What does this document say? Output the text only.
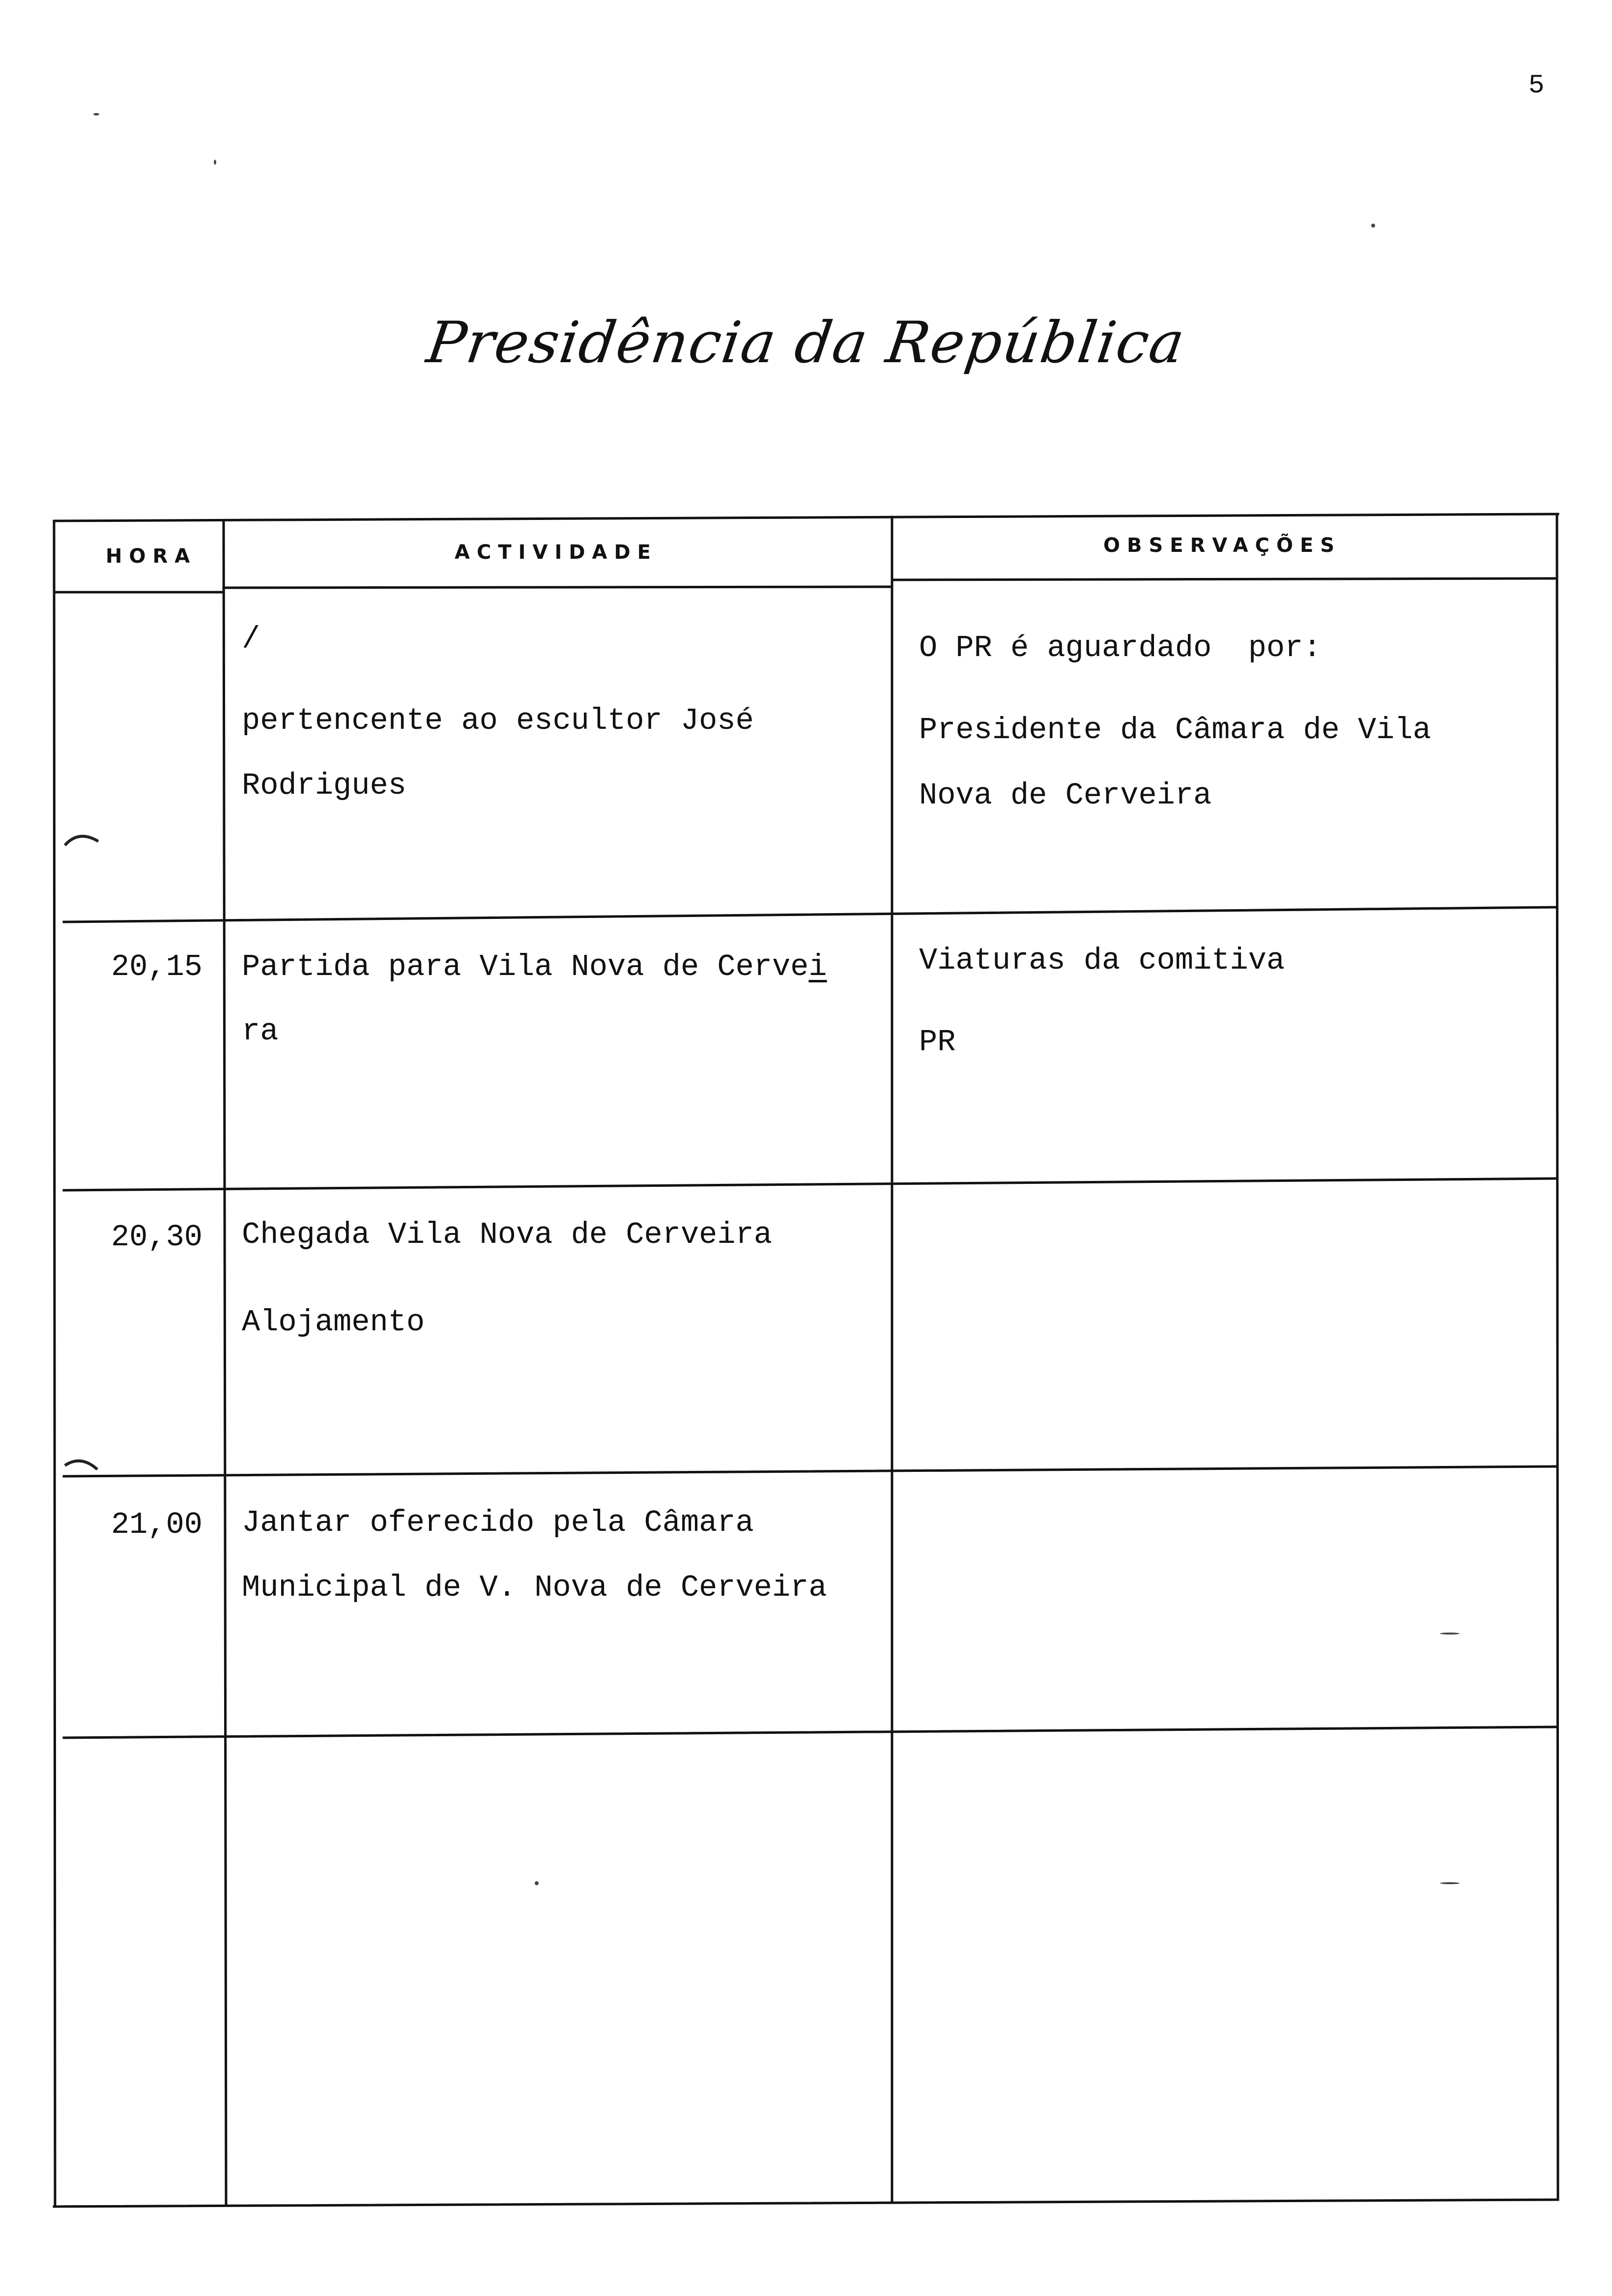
5
Presidência da República
HORA	ACTIVIDADE	OBSERVAÇÕES
/
pertencente ao escultor José
Rodrigues
O PR é aguardado  por:
Presidente da Câmara de Vila
Nova de Cerveira
20,15 Partida para Vila Nova de Cervei
ra
Viaturas da comitiva
PR
20,30 Chegada Vila Nova de Cerveira
Alojamento
21,00 Jantar oferecido pela Câmara
Municipal de V. Nova de Cerveira
